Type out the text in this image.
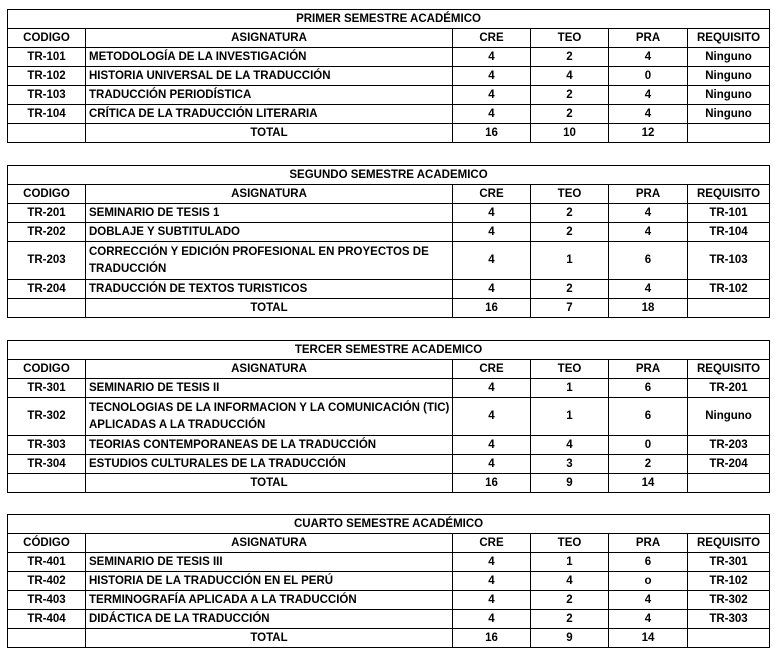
PRIMER SEMESTRE ACADÉMICO					
CODIGO	ASIGNATURA	CRE	TEO	PRA	REQUISITO
TR-101	METODOLOGÍA DE LA INVESTIGACIÓN	4	2	4	Ninguno
TR-102	HISTORIA UNIVERSAL DE LA TRADUCCIÓN	4	4	0	Ninguno
TR-103	TRADUCCIÓN PERIODÍSTICA	4	2	4	Ninguno
TR-104	CRÍTICA DE LA TRADUCCIÓN LITERARIA	4	2	4	Ninguno
	TOTAL	16	10	12	
SEGUNDO SEMESTRE ACADEMICO					
CODIGO	ASIGNATURA	CRE	TEO	PRA	REQUISITO
TR-201	SEMINARIO DE TESIS 1	4	2	4	TR-101
TR-202	DOBLAJE Y SUBTITULADO	4	2	4	TR-104
TR-203	CORRECCIÓN Y EDICIÓN PROFESIONAL EN PROYECTOS DE TRADUCCIÓN	4	1	6	TR-103
TR-204	TRADUCCIÓN DE TEXTOS TURISTICOS	4	2	4	TR-102
	TOTAL	16	7	18	
TERCER SEMESTRE ACADEMICO					
CODIGO	ASIGNATURA	CRE	TEO	PRA	REQUISITO
TR-301	SEMINARIO DE TESIS II	4	1	6	TR-201
TR-302	TECNOLOGIAS DE LA INFORMACION Y LA COMUNICACIÓN (TIC) APLICADAS A LA TRADUCCIÓN	4	1	6	Ninguno
TR-303	TEORIAS CONTEMPORANEAS DE LA TRADUCCIÓN	4	4	0	TR-203
TR-304	ESTUDIOS CULTURALES DE LA TRADUCCIÓN	4	3	2	TR-204
	TOTAL	16	9	14	
CUARTO SEMESTRE ACADÉMICO					
CÓDIGO	ASIGNATURA	CRE	TEO	PRA	REQUISITO
TR-401	SEMINARIO DE TESIS III	4	1	6	TR-301
TR-402	HISTORIA DE LA TRADUCCIÓN EN EL PERÚ	4	4	o	TR-102
TR-403	TERMINOGRAFÍA APLICADA A LA TRADUCCIÓN	4	2	4	TR-302
TR-404	DIDÁCTICA DE LA TRADUCCIÓN	4	2	4	TR-303
	TOTAL	16	9	14	
